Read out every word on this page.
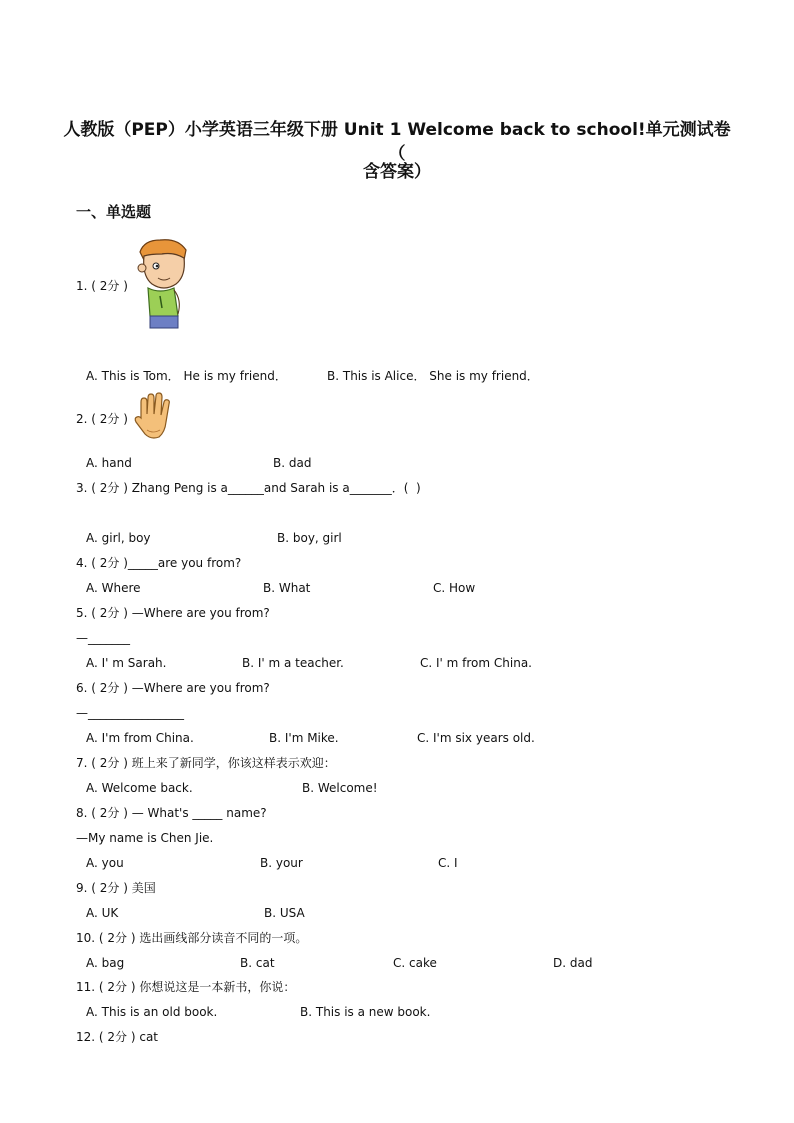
人教版（PEP）小学英语三年级下册 Unit 1 Welcome back to school!单元测试卷（
含答案）
一、单选题
1. ( 2分 )
A. This is Tom． He is my friend．	B. This is Alice． She is my friend．
2. ( 2分 )
A. hand	B. dad
3. ( 2分 ) Zhang Peng is a______and Sarah is a_______．(  )
A. girl, boy	B. boy, girl
4. ( 2分 )_____are you from?
A. Where	B. What	C. How
5. ( 2分 ) —Where are you from?
—_______
A. I' m Sarah.	B. I' m a teacher.	C. I' m from China.
6. ( 2分 ) —Where are you from?
—________________
A. I'm from China.	B. I'm Mike.	C. I'm six years old.
7. ( 2分 ) 班上来了新同学，你该这样表示欢迎：
A. Welcome back.	B. Welcome!
8. ( 2分 ) — What's _____ name?
—My name is Chen Jie.
A. you	B. your	C. I
9. ( 2分 ) 美国
A. UK	B. USA
10. ( 2分 ) 选出画线部分读音不同的一项。
A. bag	B. cat	C. cake	D. dad
11. ( 2分 ) 你想说这是一本新书，你说：
A. This is an old book.	B. This is a new book.
12. ( 2分 ) cat
